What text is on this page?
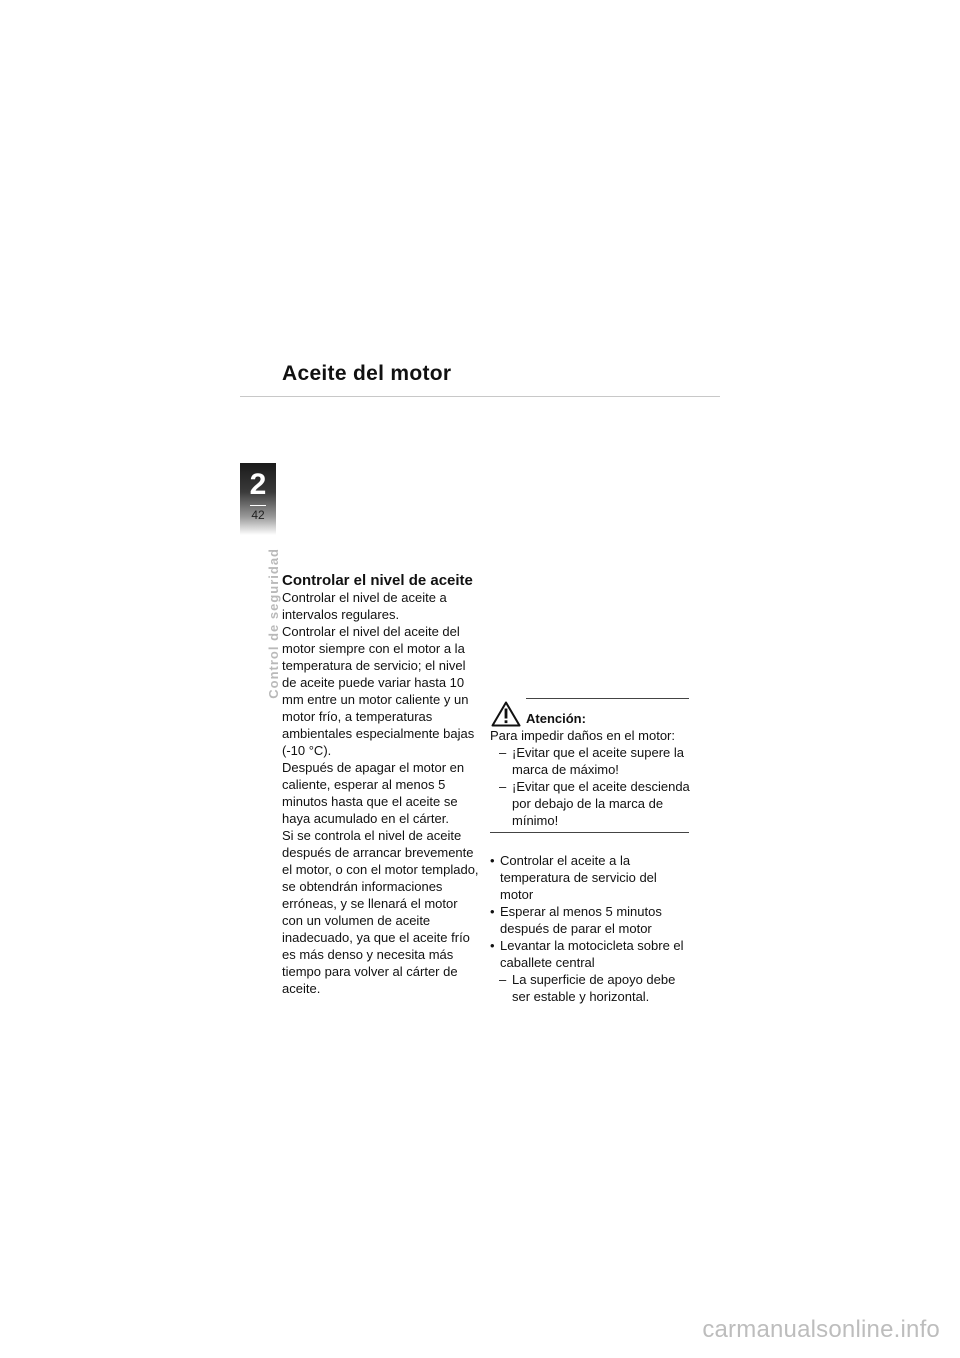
Aceite del motor
2
42
Control de seguridad Controlar el nivel de aceite

Controlar el nivel de aceite a intervalos regulares.

Controlar el nivel del aceite del motor siempre con el motor a la temperatura de servicio; el nivel de aceite puede variar hasta 10 mm entre un motor caliente y un motor frío, a temperaturas ambientales especialmente bajas (-10 °C).

Después de apagar el motor en caliente, esperar al menos 5 minutos hasta que el aceite se haya acumulado en el cárter.

Si se controla el nivel de aceite después de arrancar brevemente el motor, o con el motor templado, se obtendrán informaciones erróneas, y se llenará el motor con un volumen de aceite inadecuado, ya que el aceite frío es más denso y necesita más tiempo para volver al cárter de aceite.

Atención:
Para impedir daños en el motor:
– ¡Evitar que el aceite supere la marca de máximo!
– ¡Evitar que el aceite descienda por debajo de la marca de mínimo!
• Controlar el aceite a la temperatura de servicio del motor
• Esperar al menos 5 minutos después de parar el motor
• Levantar la motocicleta sobre el caballete central
– La superficie de apoyo debe ser estable y horizontal.
carmanualsonline.info
